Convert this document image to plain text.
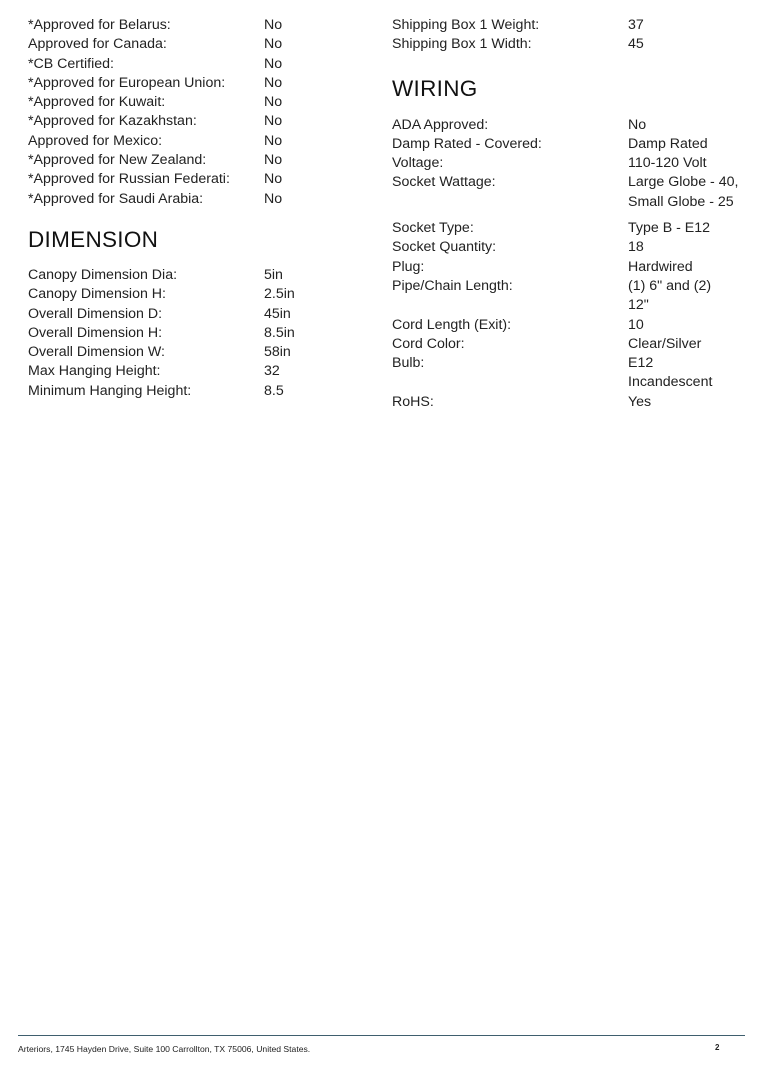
*Approved for Belarus:	No
Approved for Canada:	No
*CB Certified:	No
*Approved for European Union:	No
*Approved for Kuwait:	No
*Approved for Kazakhstan:	No
Approved for Mexico:	No
*Approved for New Zealand:	No
*Approved for Russian Federati:	No
*Approved for Saudi Arabia:	No
DIMENSION
Canopy Dimension Dia:	5in
Canopy Dimension H:	2.5in
Overall Dimension D:	45in
Overall Dimension H:	8.5in
Overall Dimension W:	58in
Max Hanging Height:	32
Minimum Hanging Height:	8.5
Shipping Box 1 Weight:	37
Shipping Box 1 Width:	45
WIRING
ADA Approved:	No
Damp Rated - Covered:	Damp Rated
Voltage:	110-120 Volt
Socket Wattage:	Large Globe - 40,
Small Globe - 25
Socket Type:	Type B - E12
Socket Quantity:	18
Plug:	Hardwired
Pipe/Chain Length:	(1) 6" and (2)
12"
Cord Length (Exit):	10
Cord Color:	Clear/Silver
Bulb:	E12
Incandescent
RoHS:	Yes
Arteriors, 1745 Hayden Drive, Suite 100 Carrollton, TX 75006, United States.	2
